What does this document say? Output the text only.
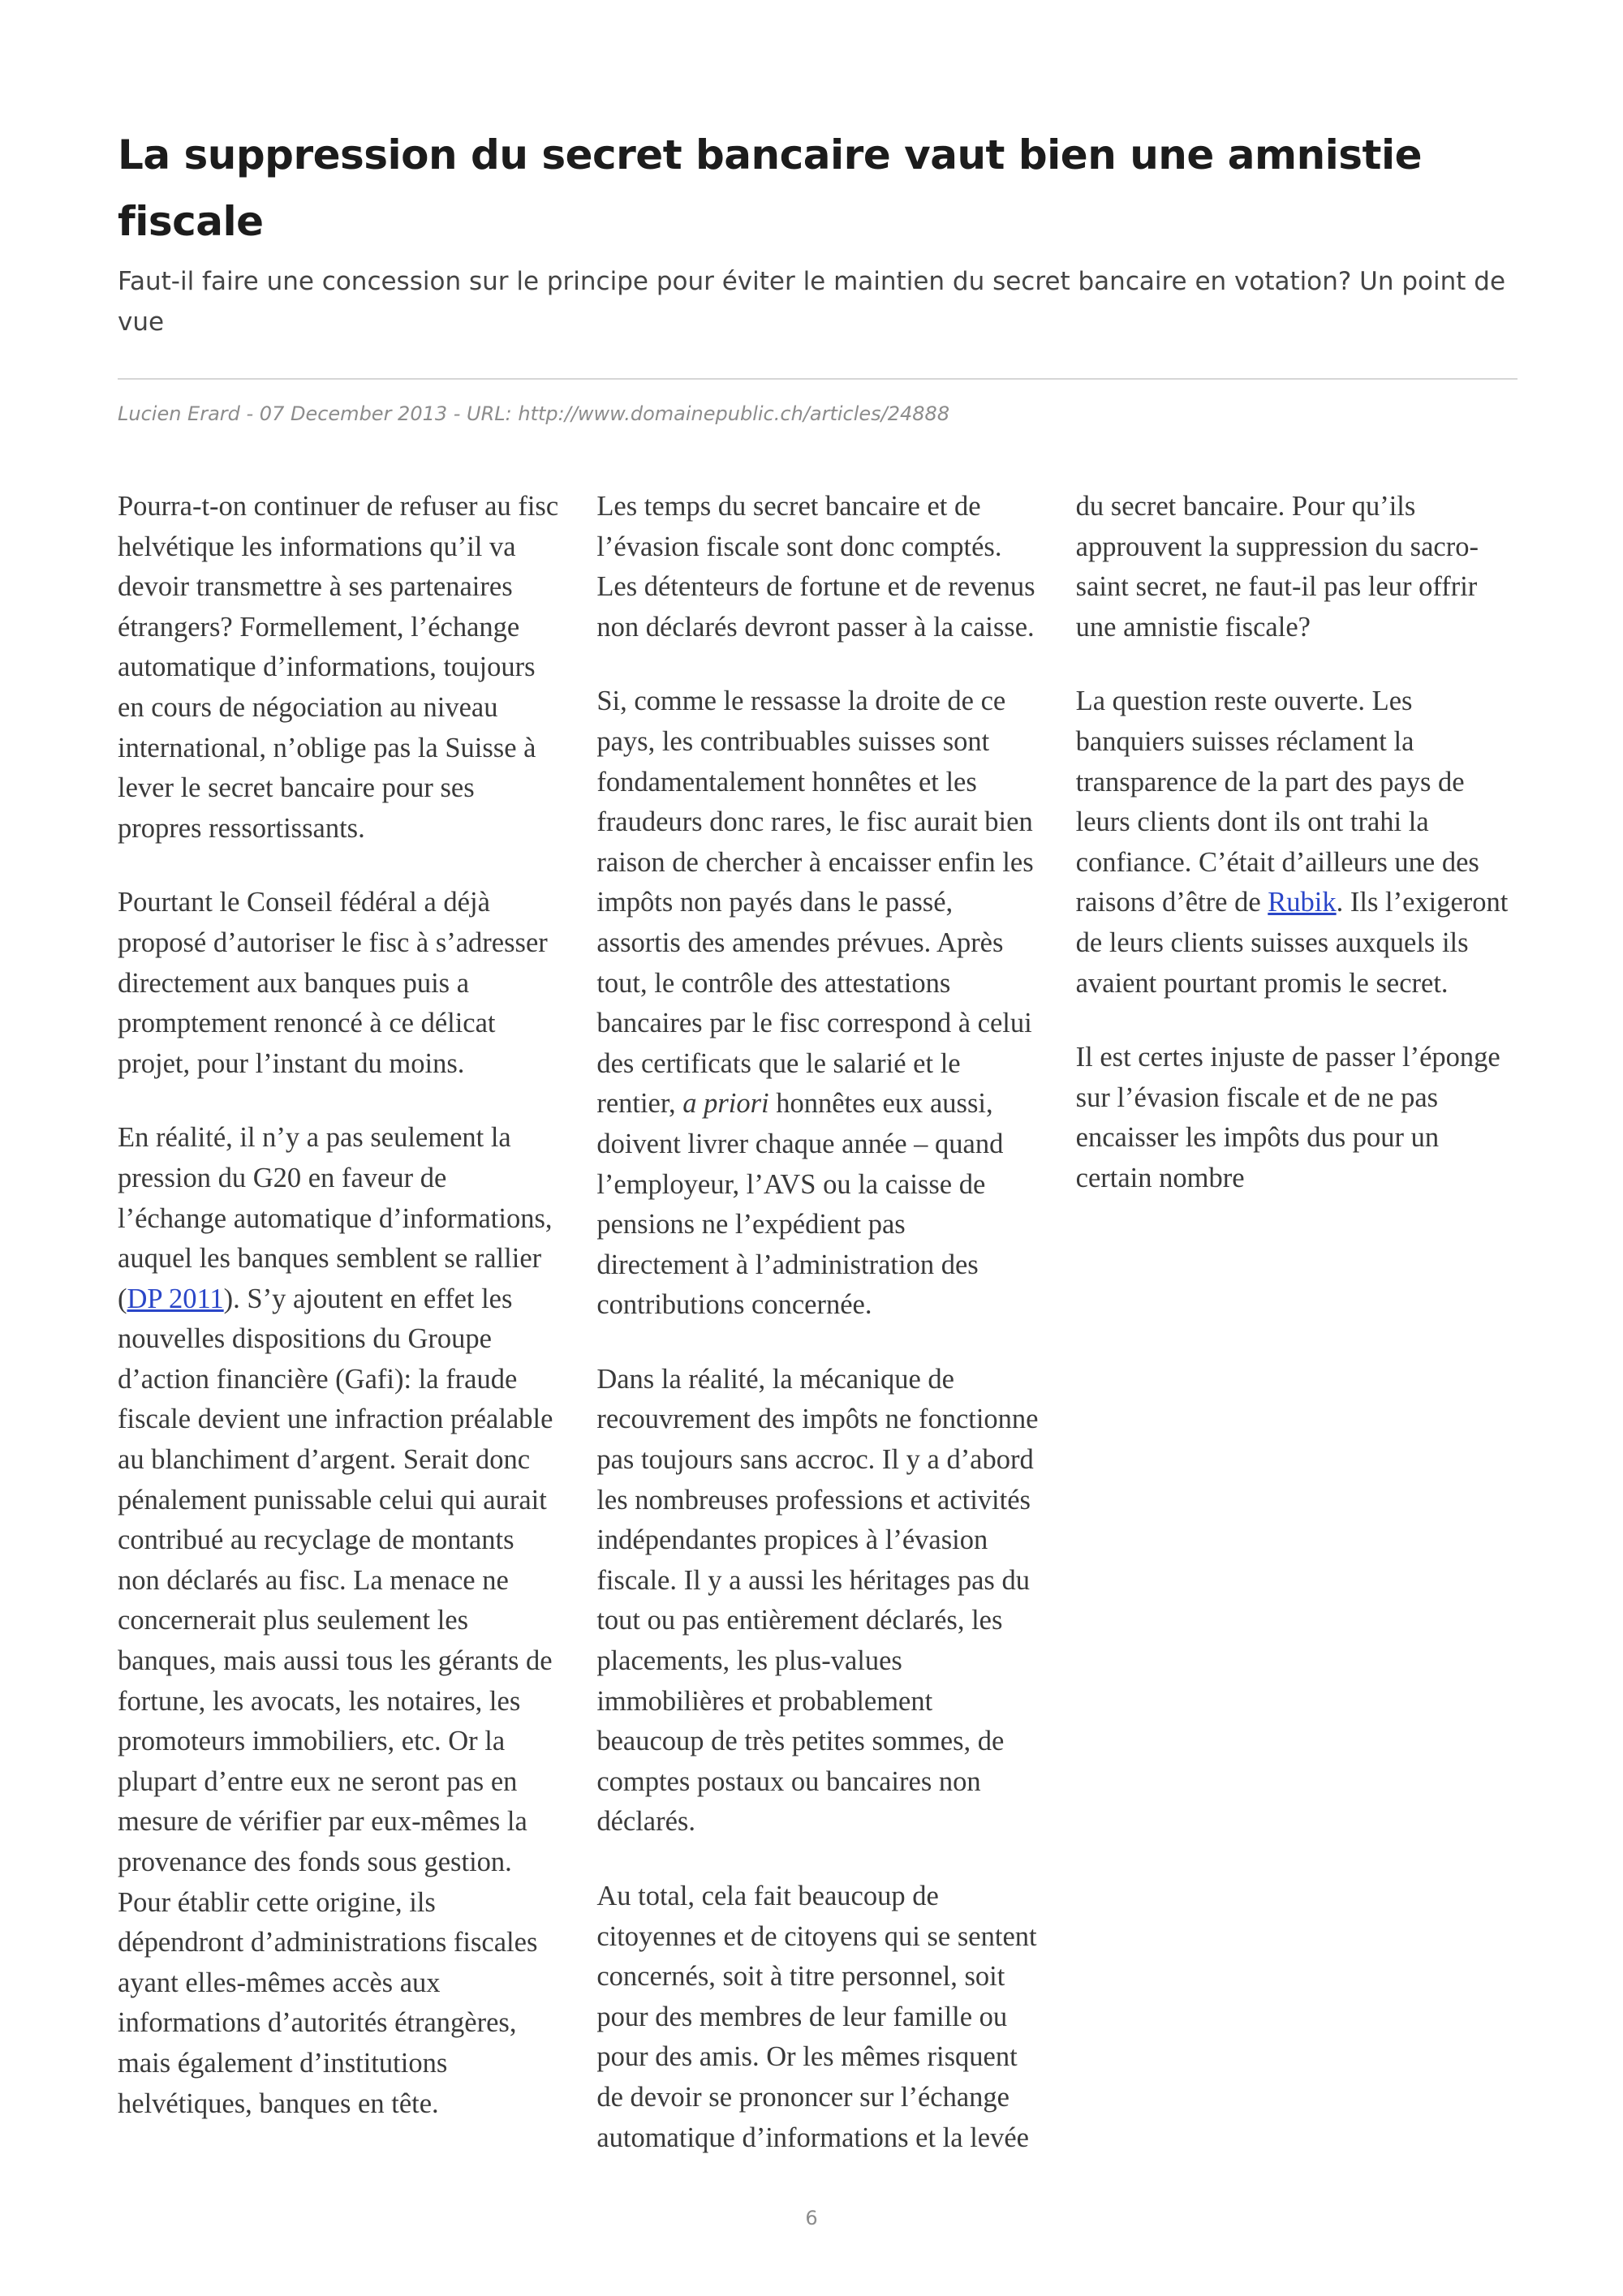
La suppression du secret bancaire vaut bien une amnistie fiscale

Faut-il faire une concession sur le principe pour éviter le maintien du secret bancaire en votation? Un point de vue

Lucien Erard - 07 December 2013 - URL: http://www.domainepublic.ch/articles/24888

Pourra-t-on continuer de refuser au fisc helvétique les informations qu’il va devoir transmettre à ses partenaires étrangers? Formellement, l’échange automatique d’informations, toujours en cours de négociation au niveau international, n’oblige pas la Suisse à lever le secret bancaire pour ses propres ressortissants.

Pourtant le Conseil fédéral a déjà proposé d’autoriser le fisc à s’adresser directement aux banques puis a promptement renoncé à ce délicat projet, pour l’instant du moins.

En réalité, il n’y a pas seulement la pression du G20 en faveur de l’échange automatique d’informations, auquel les banques semblent se rallier (DP 2011). S’y ajoutent en effet les nouvelles dispositions du Groupe d’action financière (Gafi): la fraude fiscale devient une infraction préalable au blanchiment d’argent. Serait donc pénalement punissable celui qui aurait contribué au recyclage de montants non déclarés au fisc. La menace ne concernerait plus seulement les banques, mais aussi tous les gérants de fortune, les avocats, les notaires, les promoteurs immobiliers, etc. Or la plupart d’entre eux ne seront pas en mesure de vérifier par eux-mêmes la provenance des fonds sous gestion. Pour établir cette origine, ils dépendront d’administrations fiscales ayant elles-mêmes accès aux informations d’autorités étrangères, mais également d’institutions helvétiques, banques en tête.

Les temps du secret bancaire et de l’évasion fiscale sont donc comptés. Les détenteurs de fortune et de revenus non déclarés devront passer à la caisse.

Si, comme le ressasse la droite de ce pays, les contribuables suisses sont fondamentalement honnêtes et les fraudeurs donc rares, le fisc aurait bien raison de chercher à encaisser enfin les impôts non payés dans le passé, assortis des amendes prévues. Après tout, le contrôle des attestations bancaires par le fisc correspond à celui des certificats que le salarié et le rentier, a priori honnêtes eux aussi, doivent livrer chaque année – quand l’employeur, l’AVS ou la caisse de pensions ne l’expédient pas directement à l’administration des contributions concernée.

Dans la réalité, la mécanique de recouvrement des impôts ne fonctionne pas toujours sans accroc. Il y a d’abord les nombreuses professions et activités indépendantes propices à l’évasion fiscale. Il y a aussi les héritages pas du tout ou pas entièrement déclarés, les placements, les plus-values immobilières et probablement beaucoup de très petites sommes, de comptes postaux ou bancaires non déclarés.

Au total, cela fait beaucoup de citoyennes et de citoyens qui se sentent concernés, soit à titre personnel, soit pour des membres de leur famille ou pour des amis. Or les mêmes risquent de devoir se prononcer sur l’échange automatique d’informations et la levée du secret bancaire. Pour qu’ils approuvent la suppression du sacro-saint secret, ne faut-il pas leur offrir une amnistie fiscale?

La question reste ouverte. Les banquiers suisses réclament la transparence de la part des pays de leurs clients dont ils ont trahi la confiance. C’était d’ailleurs une des raisons d’être de Rubik. Ils l’exigeront de leurs clients suisses auxquels ils avaient pourtant promis le secret.

Il est certes injuste de passer l’éponge sur l’évasion fiscale et de ne pas encaisser les impôts dus pour un certain nombre

6
